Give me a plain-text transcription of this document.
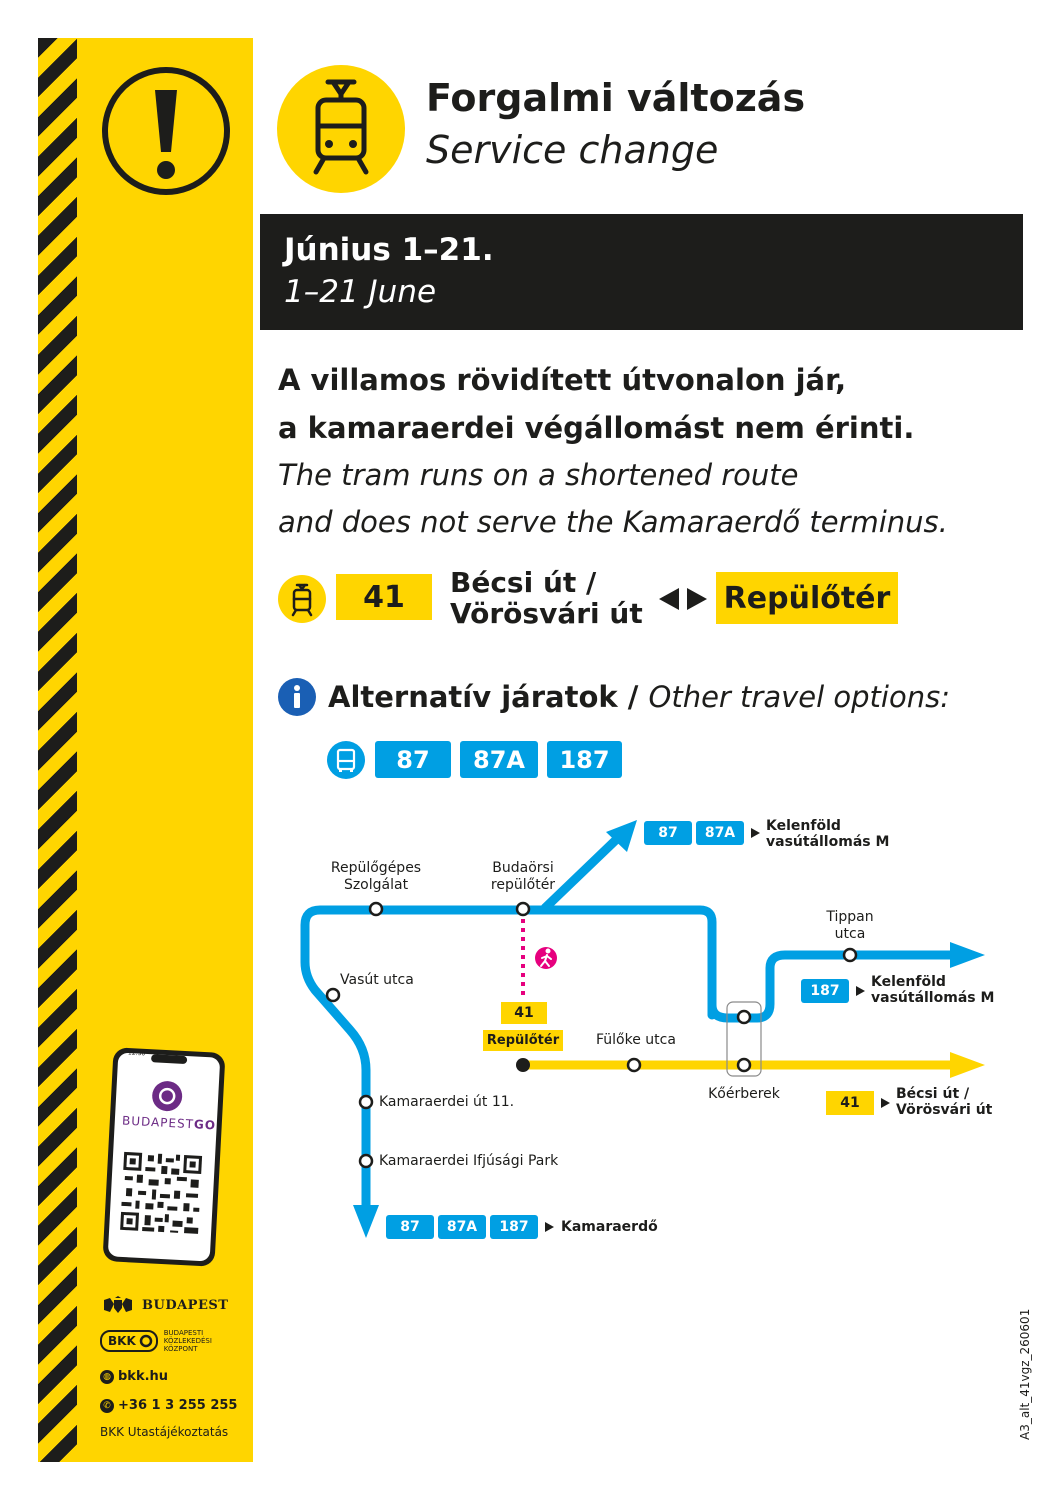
BUDAPESTGO
12:30
BUDAPEST
BKK
BUDAPESTI
KÖZLEKEDÉSI
KÖZPONT
◍ bkk.hu
✆ +36 1 3 255 255
BKK Utastájékoztatás
Forgalmi változás
Service change
Június 1–21.
1–21 June
A villamos rövidített útvonalon jár,
a kamaraerdei végállomást nem érinti.
The tram runs on a shortened route
and does not serve the Kamaraerdő terminus.
41	Bécsi út /
Vörösvári út	Repülőtér
Alternatív járatok / Other travel options:
87	87A	187
Repülőgépes
Szolgálat
Budaörsi
repülőtér
Vasút utca
Kamaraerdei út 11.
Kamaraerdei Ifjúsági Park
Tippan
utca
Fülőke utca
Kőérberek
41
Repülőtér
87	87A	Kelenföld
vasútállomás M
187
Kelenföld
vasútállomás M
41
Bécsi út /
Vörösvári út
87	87A	187	Kamaraerdő
A3_alt_41vgz_260601
